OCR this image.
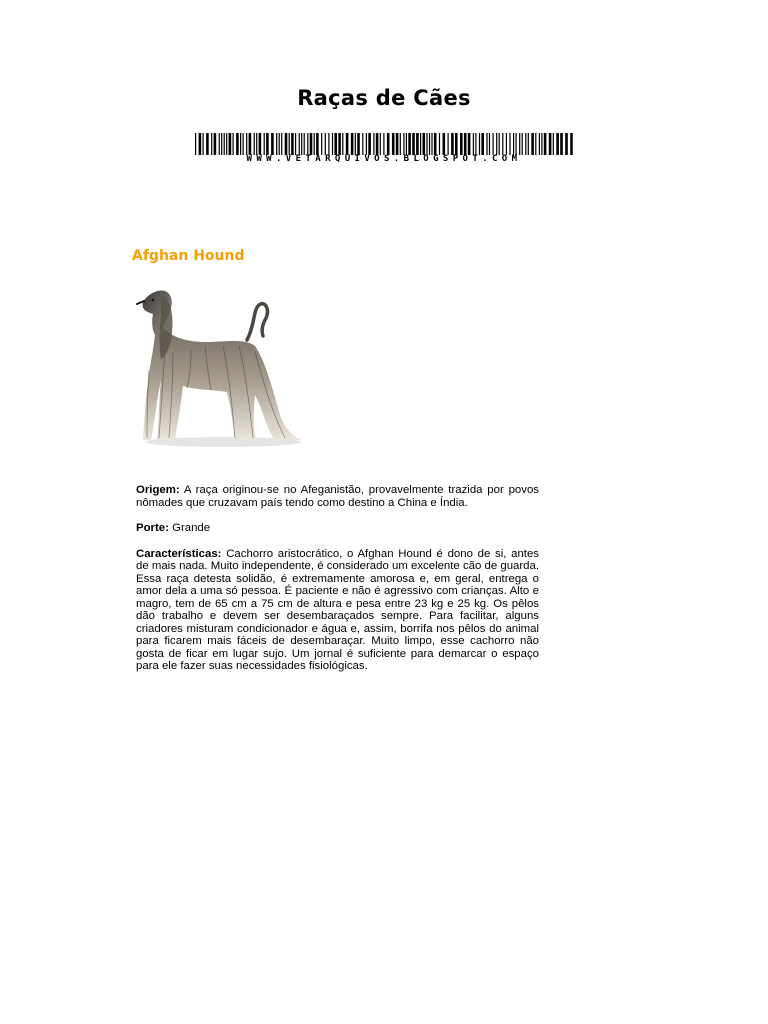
Raças de Cães
WWW.VETARQUIVOS.BLOGSPOT.COM
Afghan Hound

Origem: A raça originou-se no Afeganistão, provavelmente trazida por povos nômades que cruzavam país tendo como destino a China e Índia.

Porte: Grande

Características: Cachorro aristocrático, o Afghan Hound é dono de si, antes de mais nada. Muito independente, é considerado um excelente cão de guarda. Essa raça detesta solidão, é extremamente amorosa e, em geral, entrega o amor dela a uma só pessoa. É paciente e não é agressivo com crianças. Alto e magro, tem de 65 cm a 75 cm de altura e pesa entre 23 kg e 25 kg. Os pêlos dão trabalho e devem ser desembaraçados sempre. Para facilitar, alguns criadores misturam condicionador e água e, assim, borrifa nos pêlos do animal para ficarem mais fáceis de desembaraçar. Muito limpo, esse cachorro não gosta de ficar em lugar sujo. Um jornal é suficiente para demarcar o espaço para ele fazer suas necessidades fisiológicas.
